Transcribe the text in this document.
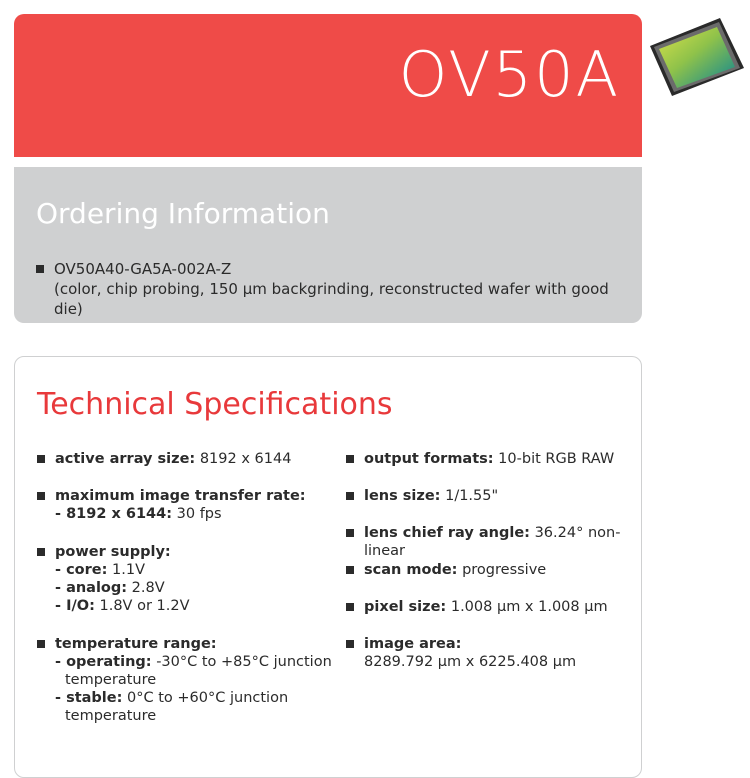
OV50A
Ordering Information
OV50A40-GA5A-002A-Z
(color, chip probing, 150 µm backgrinding, reconstructed wafer with good die)
Technical Specifications
active array size: 8192 x 6144
maximum image transfer rate:
- 8192 x 6144: 30 fps
power supply:
- core: 1.1V
- analog: 2.8V
- I/O: 1.8V or 1.2V
temperature range:
- operating: -30°C to +85°C junction
temperature
- stable: 0°C to +60°C junction
temperature
output formats: 10-bit RGB RAW
lens size: 1/1.55"
lens chief ray angle: 36.24° non-linear
scan mode: progressive
pixel size: 1.008 µm x 1.008 µm
image area:
8289.792 µm x 6225.408 µm
